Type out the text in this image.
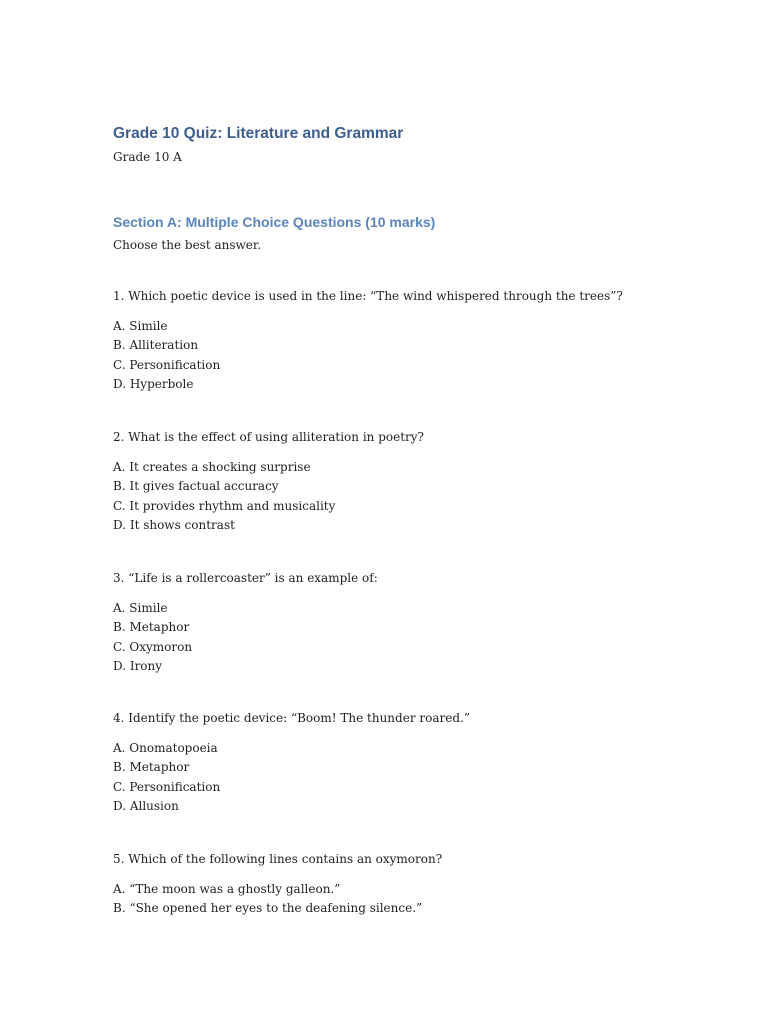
Grade 10 Quiz: Literature and Grammar
Grade 10 A
Section A: Multiple Choice Questions (10 marks)
Choose the best answer.
1. Which poetic device is used in the line: “The wind whispered through the trees”?
A. Simile
B. Alliteration
C. Personification
D. Hyperbole
2. What is the effect of using alliteration in poetry?
A. It creates a shocking surprise
B. It gives factual accuracy
C. It provides rhythm and musicality
D. It shows contrast
3. “Life is a rollercoaster” is an example of:
A. Simile
B. Metaphor
C. Oxymoron
D. Irony
4. Identify the poetic device: “Boom! The thunder roared.”
A. Onomatopoeia
B. Metaphor
C. Personification
D. Allusion
5. Which of the following lines contains an oxymoron?
A. “The moon was a ghostly galleon.”
B. “She opened her eyes to the deafening silence.”
